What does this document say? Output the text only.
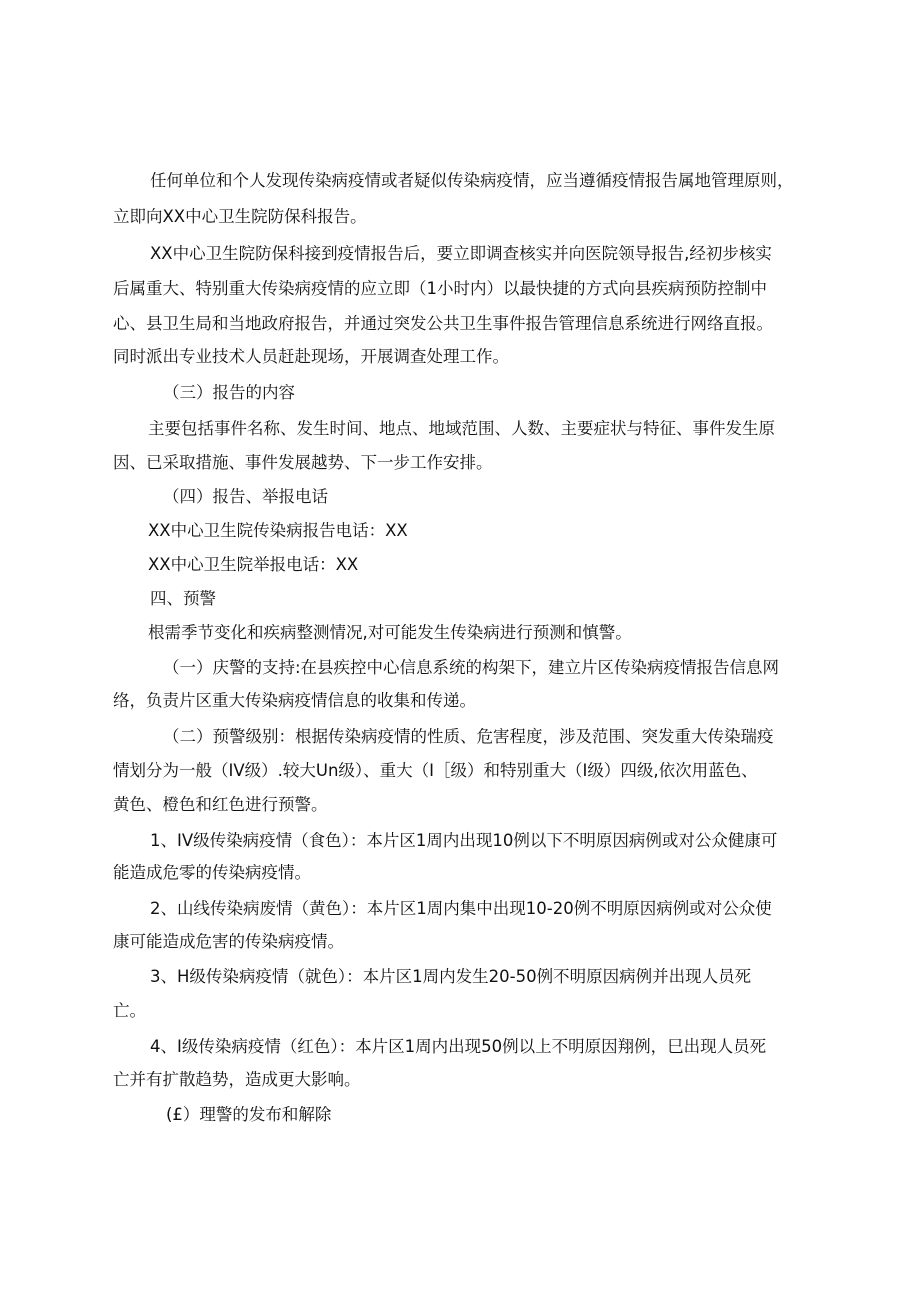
任何单位和个人发现传染病疫情或者疑似传染病疫情，应当遵循疫情报告属地管理原则，
立即向XX中心卫生院防保科报告。
XX中心卫生院防保科接到疫情报告后，要立即调查核实并向医院领导报告,经初步核实
后属重大、特别重大传染病疫情的应立即（1小时内）以最快捷的方式向县疾病预防控制中
心、县卫生局和当地政府报告，并通过突发公共卫生事件报告管理信息系统进行网络直报。
同时派出专业技术人员赶赴现场，开展调查处理工作。
（三）报告的内容
主要包括事件名称、发生时间、地点、地域范围、人数、主要症状与特征、事件发生原
因、已采取措施、事件发展越势、下一步工作安排。
（四）报告、举报电话
XX中心卫生院传染病报告电话：XX
XX中心卫生院举报电话：XX
四、预警
根需季节变化和疾病整测情况,对可能发生传染病进行预测和慎警。
（一）庆警的支持:在县疾控中心信息系统的构架下，建立片区传染病疫情报告信息网
络，负责片区重大传染病疫情信息的收集和传递。
（二）预警级别：根据传染病疫情的性质、危害程度，涉及范围、突发重大传染瑞疫
情划分为一般（IV级）.较大Un级）、重大（I［级）和特别重大（I级）四级,依次用蓝色、
黄色、橙色和红色进行预警。
1、IV级传染病疫情（食色）：本片区1周内出现10例以下不明原因病例或对公众健康可
能造成危零的传染病疫情。
2、山线传染病废情（黄色）：本片区1周内集中出现10-20例不明原因病例或对公众使
康可能造成危害的传染病疫情。
3、H级传染病疫情（就色）：本片区1周内发生20-50例不明原因病例并出现人员死
亡。
4、I级传染病疫情（红色）：本片区1周内出现50例以上不明原因翔例，巳出现人员死
亡并有扩散趋势，造成更大影响。
(£）理警的发布和解除
